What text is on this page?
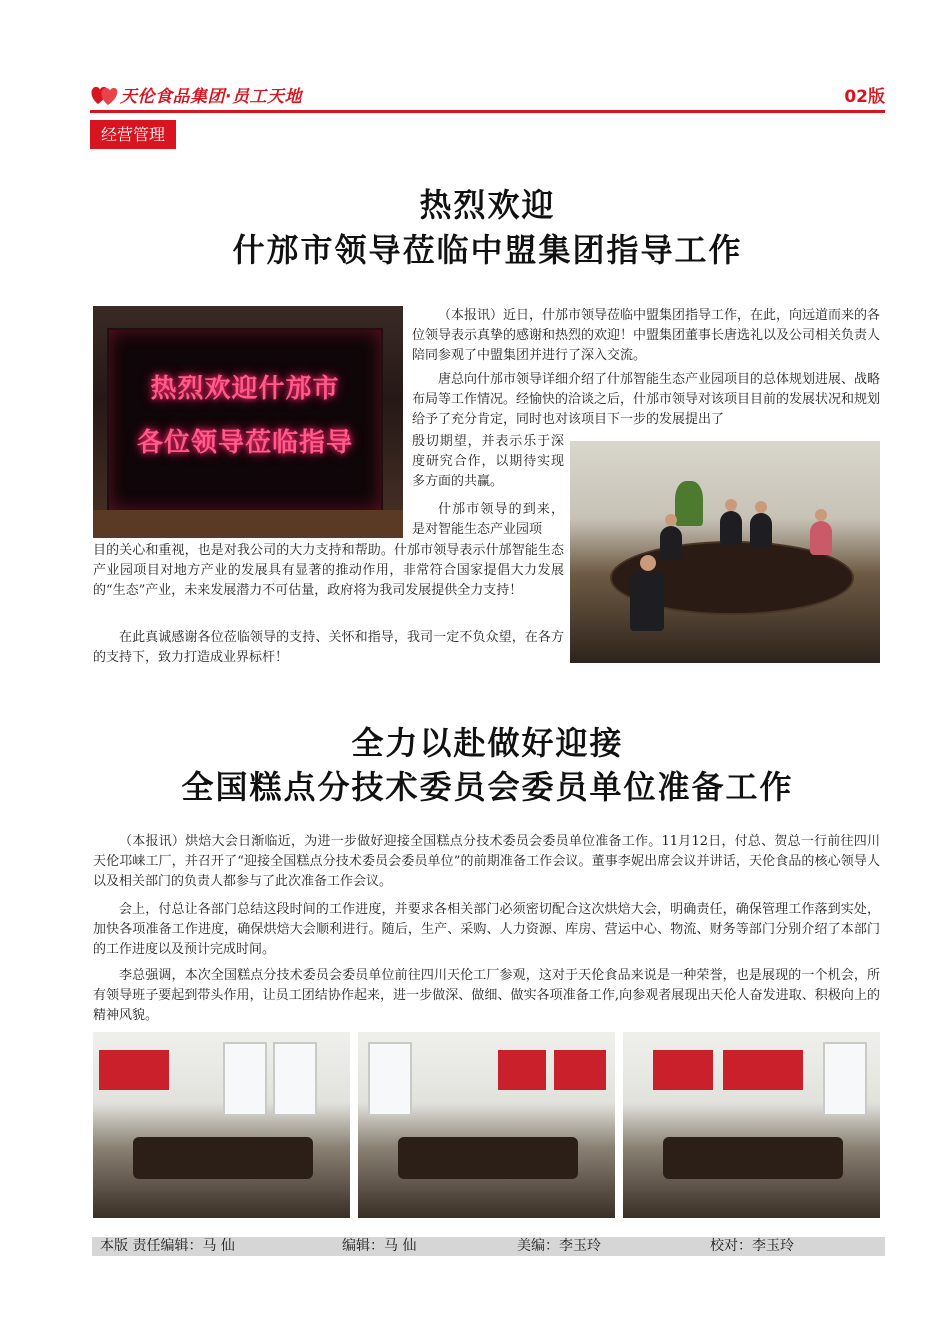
天伦食品集团·员工天地	02版
经营管理
热烈欢迎
什邡市领导莅临中盟集团指导工作
热烈欢迎什邡市
各位领导莅临指导

（本报讯）近日，什邡市领导莅临中盟集团指导工作，在此，向远道而来的各位领导表示真挚的感谢和热烈的欢迎！中盟集团董事长唐选礼以及公司相关负责人陪同参观了中盟集团并进行了深入交流。

唐总向什邡市领导详细介绍了什邡智能生态产业园项目的总体规划进展、战略布局等工作情况。经愉快的洽谈之后，什邡市领导对该项目目前的发展状况和规划给予了充分肯定，同时也对该项目下一步的发展提出了

殷切期望，并表示乐于深度研究合作，以期待实现多方面的共赢。

什邡市领导的到来，是对智能生态产业园项

目的关心和重视，也是对我公司的大力支持和帮助。什邡市领导表示什邡智能生态产业园项目对地方产业的发展具有显著的推动作用，非常符合国家提倡大力发展的“生态”产业，未来发展潜力不可估量，政府将为我司发展提供全力支持！

在此真诚感谢各位莅临领导的支持、关怀和指导，我司一定不负众望，在各方的支持下，致力打造成业界标杆！

全力以赴做好迎接
全国糕点分技术委员会委员单位准备工作

（本报讯）烘焙大会日渐临近，为进一步做好迎接全国糕点分技术委员会委员单位准备工作。11月12日，付总、贺总一行前往四川天伦邛崃工厂，并召开了“迎接全国糕点分技术委员会委员单位”的前期准备工作会议。董事李妮出席会议并讲话，天伦食品的核心领导人以及相关部门的负责人都参与了此次准备工作会议。

会上，付总让各部门总结这段时间的工作进度，并要求各相关部门必须密切配合这次烘焙大会，明确责任，确保管理工作落到实处，加快各项准备工作进度，确保烘焙大会顺利进行。随后，生产、采购、人力资源、库房、营运中心、物流、财务等部门分别介绍了本部门的工作进度以及预计完成时间。

李总强调，本次全国糕点分技术委员会委员单位前往四川天伦工厂参观，这对于天伦食品来说是一种荣誉，也是展现的一个机会，所有领导班子要起到带头作用，让员工团结协作起来，进一步做深、做细、做实各项准备工作,向参观者展现出天伦人奋发进取、积极向上的精神风貌。

本版 责任编辑：马 仙	编辑：马 仙	美编：李玉玲	校对：李玉玲
